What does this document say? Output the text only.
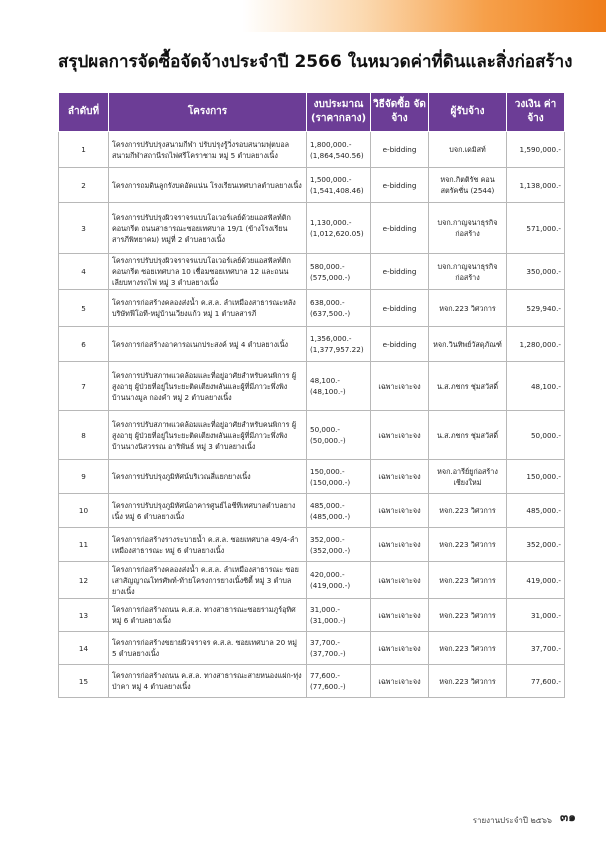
สรุปผลการจัดซื้อจัดจ้างประจำปี 2566 ในหมวดค่าที่ดินและสิ่งก่อสร้าง
ลำดับที่	โครงการ	งบประมาณ (ราคากลาง)	วิธีจัดซื้อ จัดจ้าง	ผู้รับจ้าง	วงเงิน ค่าจ้าง
1	โครงการปรับปรุงสนามกีฬา ปรับปรุงรู้วิ่งรอบสนามฟุตบอล สนามกีฬาสถานีรถไฟศรีโคราชาม หมู่ 5 ตำบลยางเนิ้ง	1,800,000.-
(1,864,540.56)	e-bidding	บจก.เดมิสท์	1,590,000.-
2	โครงการถมดินลูกรังบดอัดแน่น โรงเรียนเทศบาลตำบลยางเนิ้ง	1,500,000.-
(1,541,408.46)	e-bidding	หจก.กิตติรัช คอนสตรัคชั่น (2544)	1,138,000.-
3	โครงการปรับปรุงผิวจราจรแบบโอเวอร์เลย์ด้วยแอสฟัลท์ติกคอนกรีต ถนนสาธารณะซอยเทศบาล 19/1 (ข้างโรงเรียนสารภีพิทยาคม) หมู่ที่ 2 ตำบลยางเนิ้ง	1,130,000.-
(1,012,620.05)	e-bidding	บจก.กาญจนาธุรกิจก่อสร้าง	571,000.-
4	โครงการปรับปรุงผิวจราจรแบบโอเวอร์เลย์ด้วยแอสฟัลท์ติกคอนกรีต ซอยเทศบาล 10 เชื่อมซอยเทศบาล 12 และถนนเลียบทางรถไฟ หมู่ 3 ตำบลยางเนิ้ง	580,000.-
(575,000.-)	e-bidding	บจก.กาญจนาธุรกิจก่อสร้าง	350,000.-
5	โครงการก่อสร้างคลองส่งน้ำ ค.ส.ล. ลำเหมืองสาธารณะหลังบริษัทฟีโอที-หมู่บ้านเวียงแก้ว หมู่ 1 ตำบลสารภี	638,000.-
(637,500.-)	e-bidding	หจก.223 วิศวการ	529,940.-
6	โครงการก่อสร้างอาคารอเนกประสงค์ หมู่ 4 ตำบลยางเนิ้ง	1,356,000.-
(1,377,957.22)	e-bidding	หจก.วินทิพย์วัสดุภัณฑ์	1,280,000.-
7	โครงการปรับสภาพแวดล้อมและที่อยู่อาศัยสำหรับคนพิการ ผู้สูงอายุ ผู้ป่วยที่อยู่ในระยะติดเตียงพลันและผู้ที่มีภาวะพึ่งพิง บ้านนางมูล กองคำ หมู่ 2 ตำบลยางเนิ้ง	48,100.-
(48,100.-)	เฉพาะเจาะจง	น.ส.ภชกร ชุ่มสวัสดิ์	48,100.-
8	โครงการปรับสภาพแวดล้อมและที่อยู่อาศัยสำหรับคนพิการ ผู้สูงอายุ ผู้ป่วยที่อยู่ในระยะติดเตียงพลันและผู้ที่มีภาวะพึ่งพิง บ้านนางนิสวรรณ อาริพันธ์ หมู่ 3 ตำบลยางเนิ้ง	50,000.-
(50,000.-)	เฉพาะเจาะจง	น.ส.ภชกร ชุ่มสวัสดิ์	50,000.-
9	โครงการปรับปรุงภูมิทัศน์บริเวณสี่แยกยางเนิ้ง	150,000.-
(150,000.-)	เฉพาะเจาะจง	หจก.อารีย์ยูก่อสร้างเชียงใหม่	150,000.-
10	โครงการปรับปรุงภูมิทัศน์อาคารศูนย์ไอซีทีเทศบาลตำบลยางเนิ้ง หมู่ 6 ตำบลยางเนิ้ง	485,000.-
(485,000.-)	เฉพาะเจาะจง	หจก.223 วิศวการ	485,000.-
11	โครงการก่อสร้างรางระบายน้ำ ค.ส.ล. ซอยเทศบาล 49/4-ลำเหมืองสาธารณะ หมู่ 6 ตำบลยางเนิ้ง	352,000.-
(352,000.-)	เฉพาะเจาะจง	หจก.223 วิศวการ	352,000.-
12	โครงการก่อสร้างคลองส่งน้ำ ค.ส.ล. ลำเหมืองสาธารณะ ซอยเสาสัญญาณโทรศัพท์-ท้ายโครงการยางเนิ้งซิตี้ หมู่ 3 ตำบลยางเนิ้ง	420,000.-
(419,000.-)	เฉพาะเจาะจง	หจก.223 วิศวการ	419,000.-
13	โครงการก่อสร้างถนน ค.ส.ล. ทางสาธารณะซอยรามภูร์อุทิศ หมู่ 6 ตำบลยางเนิ้ง	31,000.-
(31,000.-)	เฉพาะเจาะจง	หจก.223 วิศวการ	31,000.-
14	โครงการก่อสร้างขยายผิวจราจร ค.ส.ล. ซอยเทศบาล 20 หมู่ 5 ตำบลยางเนิ้ง	37,700.-
(37,700.-)	เฉพาะเจาะจง	หจก.223 วิศวการ	37,700.-
15	โครงการก่อสร้างถนน ค.ส.ล. ทางสาธารณะสายหนองแฝก-ทุ่งป่าคา หมู่ 4 ตำบลยางเนิ้ง	77,600.-
(77,600.-)	เฉพาะเจาะจง	หจก.223 วิศวการ	77,600.-
รายงานประจำปี ๒๕๖๖ ๓๑
